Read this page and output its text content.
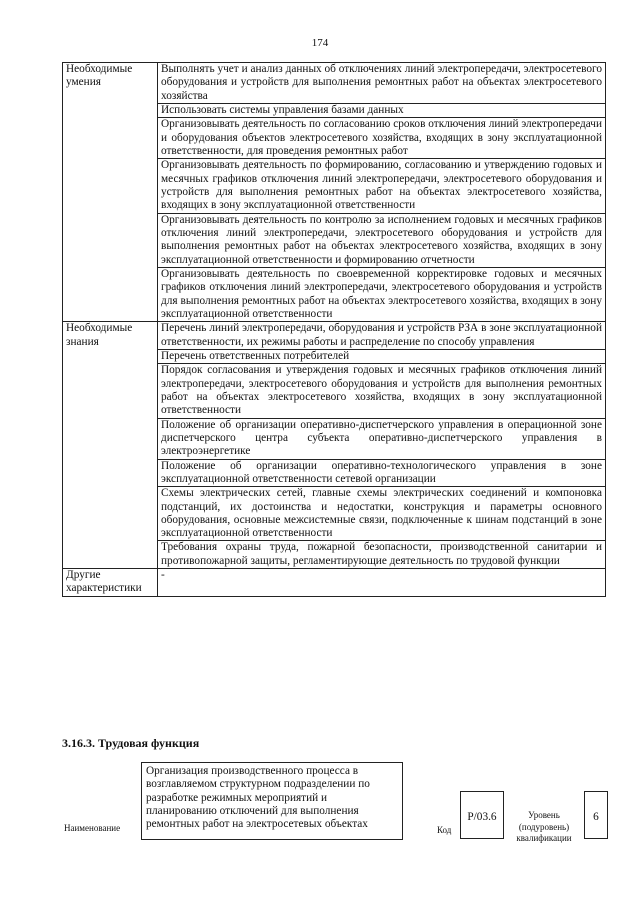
174
Необходимые умения	Выполнять учет и анализ данных об отключениях линий электропередачи, электросетевого оборудования и устройств для выполнения ремонтных работ на объектах электросетевого хозяйства
	Использовать системы управления базами данных
	Организовывать деятельность по согласованию сроков отключения линий электропередачи и оборудования объектов электросетевого хозяйства, входящих в зону эксплуатационной ответственности, для проведения ремонтных работ
	Организовывать деятельность по формированию, согласованию и утверждению годовых и месячных графиков отключения линий электропередачи, электросетевого оборудования и устройств для выполнения ремонтных работ на объектах электросетевого хозяйства, входящих в зону эксплуатационной ответственности
	Организовывать деятельность по контролю за исполнением годовых и месячных графиков отключения линий электропередачи, электросетевого оборудования и устройств для выполнения ремонтных работ на объектах электросетевого хозяйства, входящих в зону эксплуатационной ответственности и формированию отчетности
	Организовывать деятельность по своевременной корректировке годовых и месячных графиков отключения линий электропередачи, электросетевого оборудования и устройств для выполнения ремонтных работ на объектах электросетевого хозяйства, входящих в зону эксплуатационной ответственности
Необходимые знания	Перечень линий электропередачи, оборудования и устройств РЗА в зоне эксплуатационной ответственности, их режимы работы и распределение по способу управления
	Перечень ответственных потребителей
	Порядок согласования и утверждения годовых и месячных графиков отключения линий электропередачи, электросетевого оборудования и устройств для выполнения ремонтных работ на объектах электросетевого хозяйства, входящих в зону эксплуатационной ответственности
	Положение об организации оперативно-диспетчерского управления в операционной зоне диспетчерского центра субъекта оперативно-диспетчерского управления в электроэнергетике
	Положение об организации оперативно-технологического управления в зоне эксплуатационной ответственности сетевой организации
	Схемы электрических сетей, главные схемы электрических соединений и компоновка подстанций, их достоинства и недостатки, конструкция и параметры основного оборудования, основные межсистемные связи, подключенные к шинам подстанций в зоне эксплуатационной ответственности
	Требования охраны труда, пожарной безопасности, производственной санитарии и противопожарной защиты, регламентирующие деятельность по трудовой функции
Другие характеристики	-
3.16.3. Трудовая функция
Наименование
Организация производственного процесса в возглавляемом структурном подразделении по разработке режимных мероприятий и планированию отключений для выполнения ремонтных работ на электросетевых объектах	Код
Р/03.6	Уровень (подуровень) квалификации
6
